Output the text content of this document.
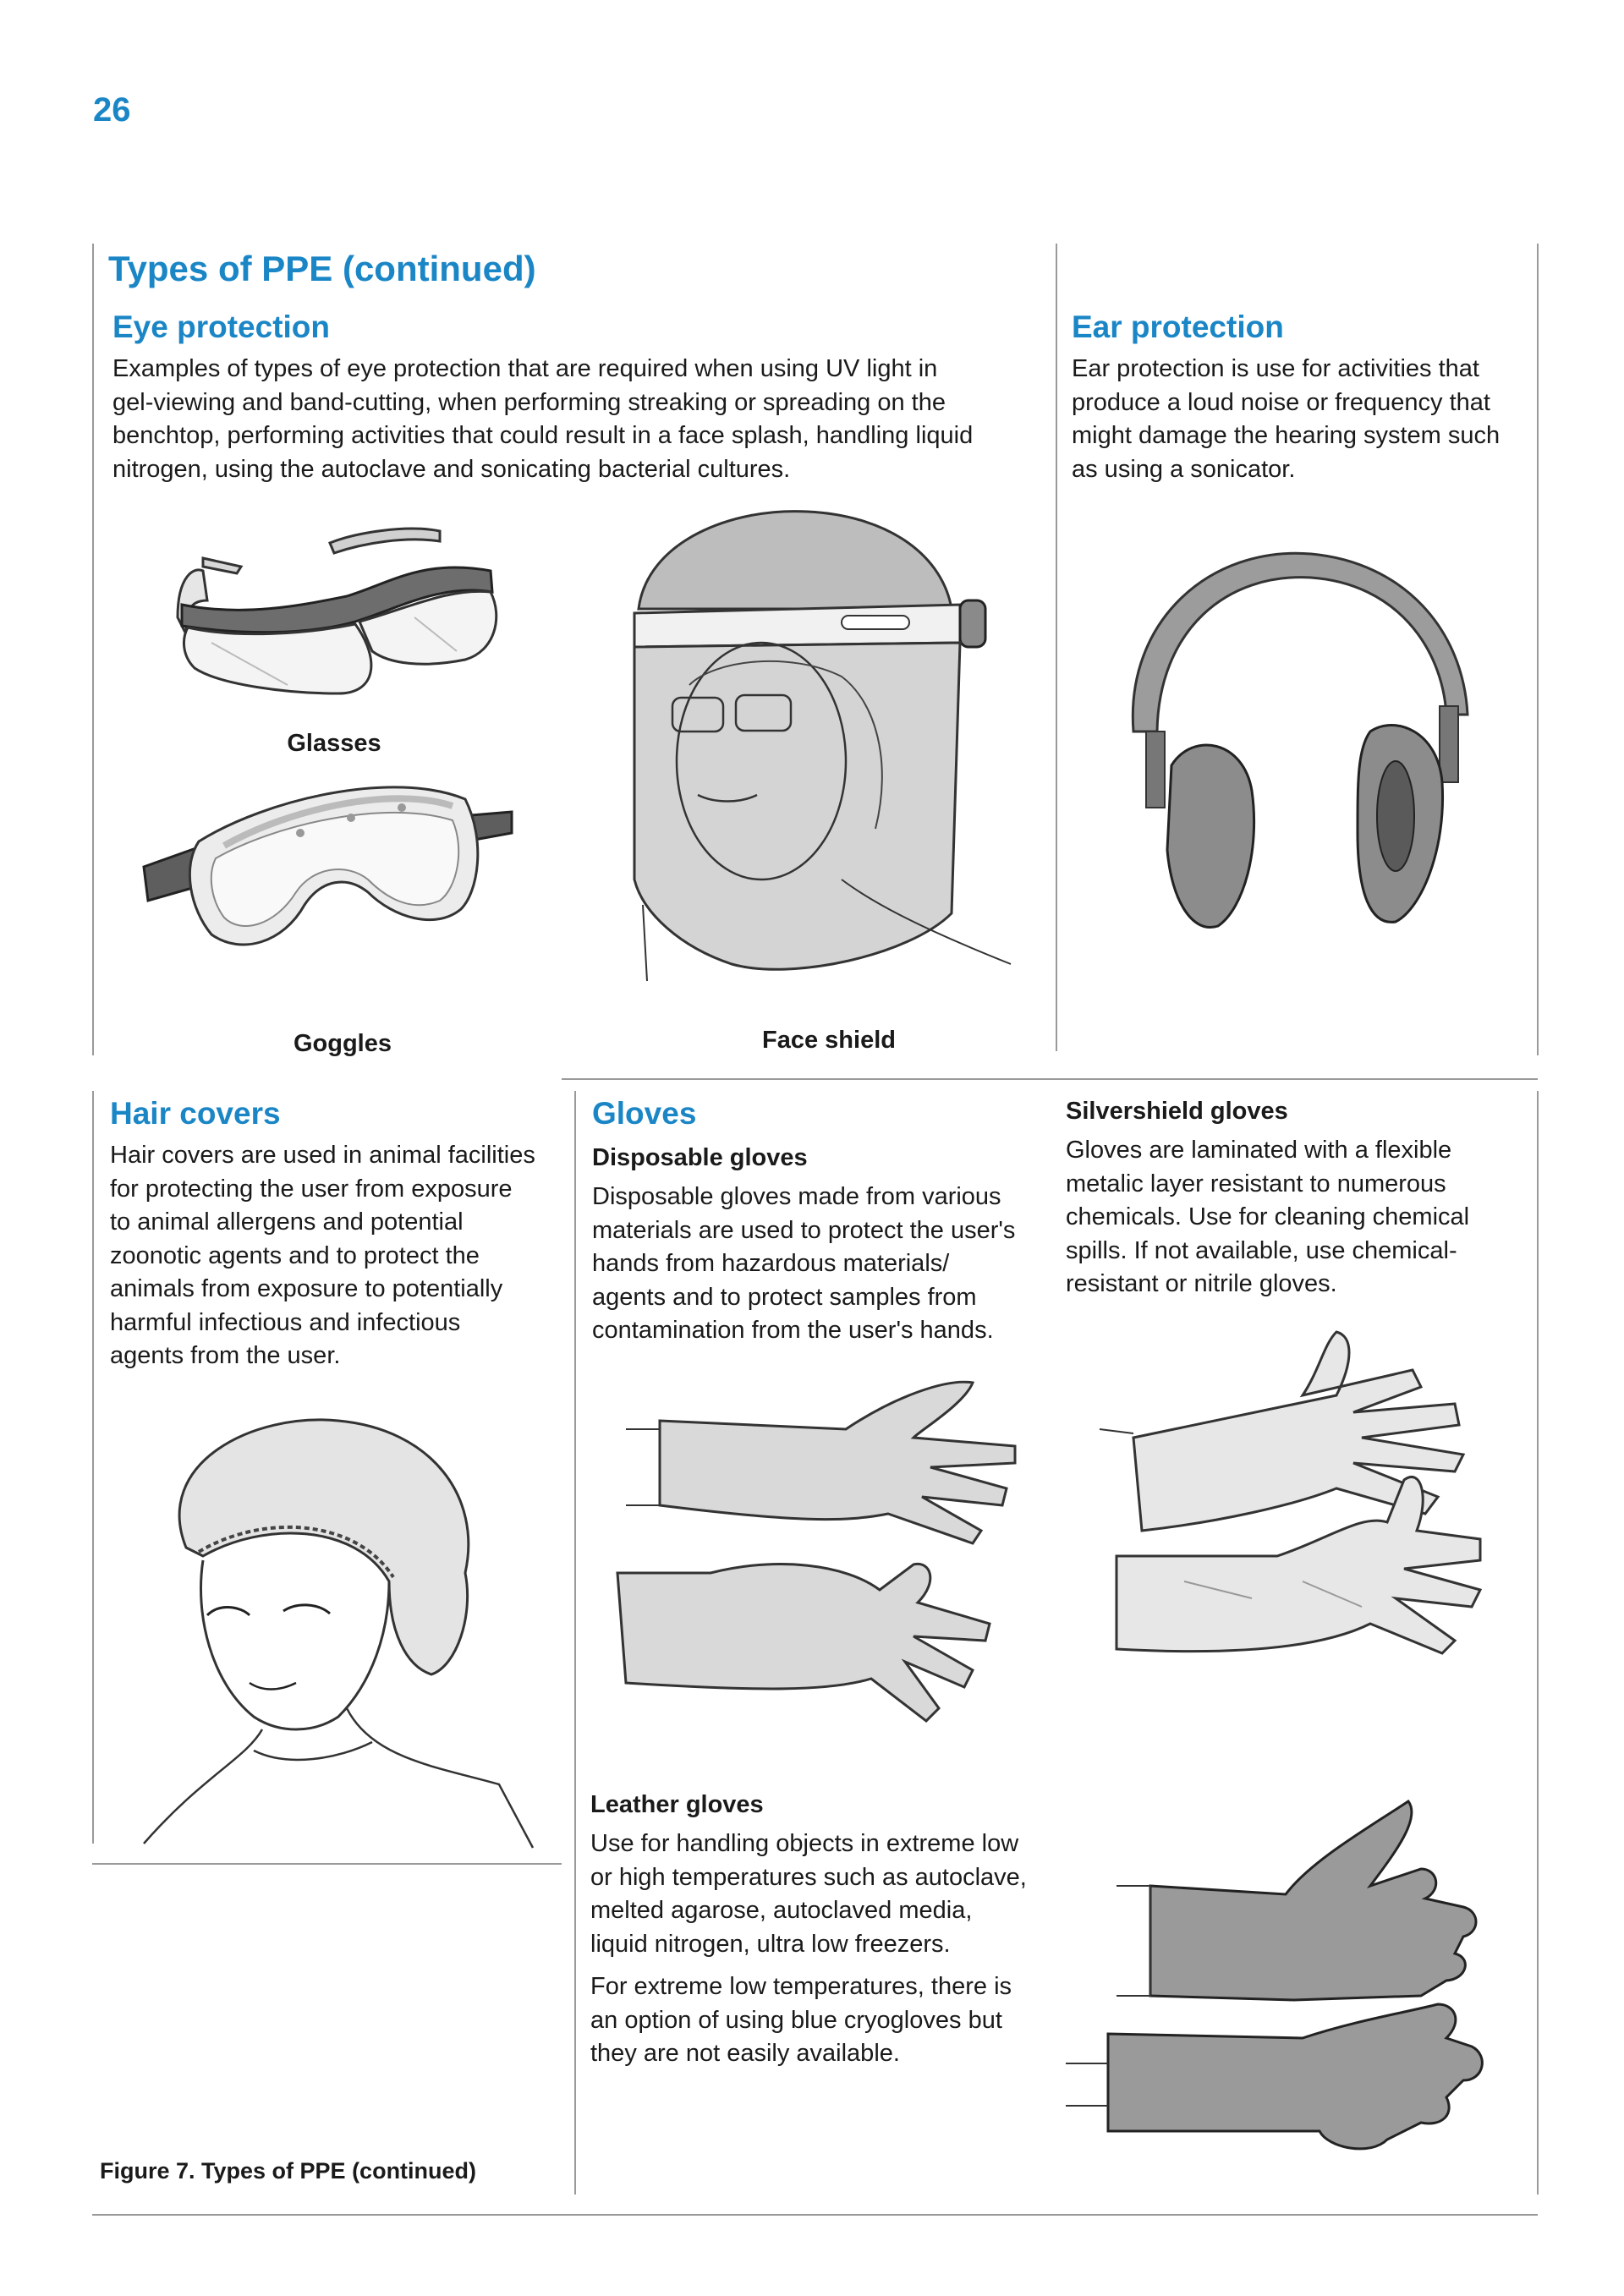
26
Types of PPE (continued)
Eye protection

Examples of types of eye protection that are required when using UV light in

gel-viewing and band-cutting, when performing streaking or spreading on the

benchtop, performing activities that could result in a face splash, handling liquid

nitrogen, using the autoclave and sonicating bacterial cultures.

Glasses
Goggles	Face shield
Ear protection

Ear protection is use for activities that

produce a loud noise or frequency that

might damage the hearing system such

as using a sonicator.

Hair covers

Hair covers are used in animal facilities

for protecting the user from exposure

to animal allergens and potential

zoonotic agents and to protect the

animals from exposure to potentially

harmful infectious and infectious

agents from the user.

Gloves
Disposable gloves

Disposable gloves made from various

materials are used to protect the user's

hands from hazardous materials/

agents and to protect samples from

contamination from the user's hands.

Silvershield gloves

Gloves are laminated with a flexible

metalic layer resistant to numerous

chemicals. Use for cleaning chemical

spills. If not available, use chemical-

resistant or nitrile gloves.

Leather gloves

Use for handling objects in extreme low

or high temperatures such as autoclave,

melted agarose, autoclaved media,

liquid nitrogen, ultra low freezers.

For extreme low temperatures, there is

an option of using blue cryogloves but

they are not easily available.

Figure 7. Types of PPE (continued)
